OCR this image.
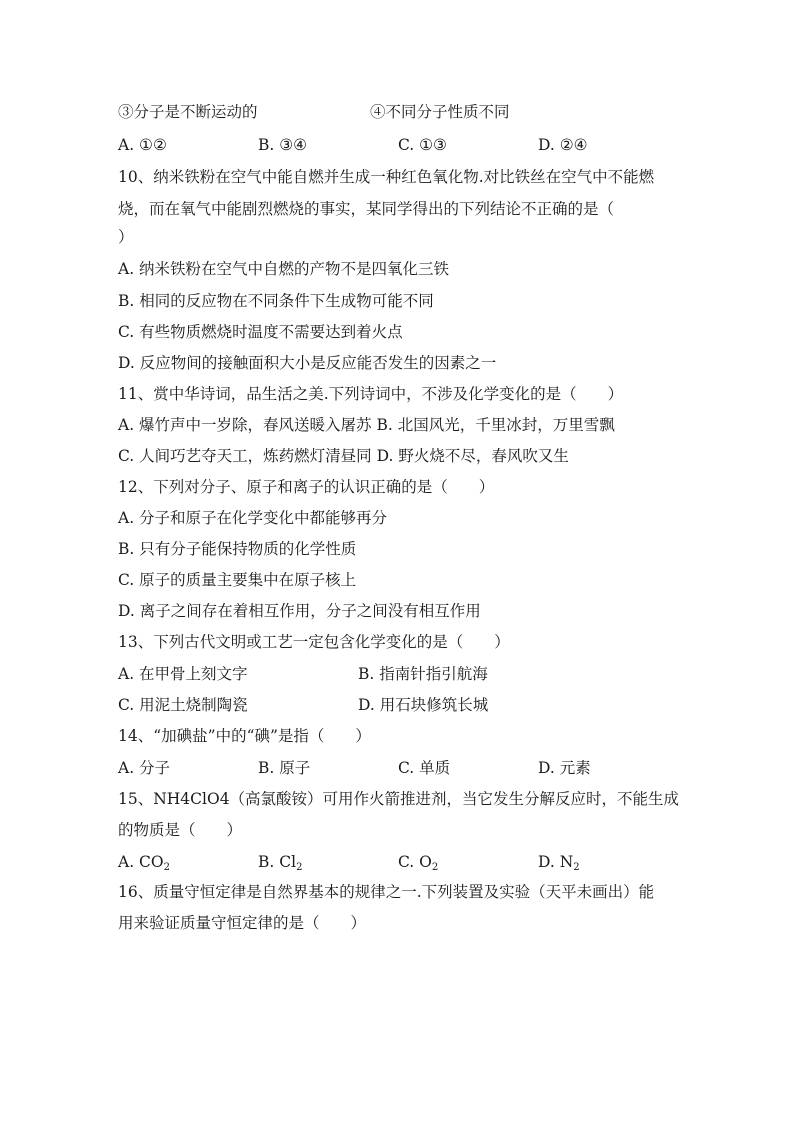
③分子是不断运动的	④不同分子性质不同
A. ①②	B. ③④	C. ①③	D. ②④
10、纳米铁粉在空气中能自燃并生成一种红色氧化物.对比铁丝在空气中不能燃
烧，而在氧气中能剧烈燃烧的事实，某同学得出的下列结论不正确的是（
）
A. 纳米铁粉在空气中自燃的产物不是四氧化三铁
B. 相同的反应物在不同条件下生成物可能不同
C. 有些物质燃烧时温度不需要达到着火点
D. 反应物间的接触面积大小是反应能否发生的因素之一
11、赏中华诗词，品生活之美.下列诗词中，不涉及化学变化的是（　　）
A. 爆竹声中一岁除，春风送暖入屠苏 B. 北国风光，千里冰封，万里雪飘
C. 人间巧艺夺天工，炼药燃灯清昼同 D. 野火烧不尽，春风吹又生
12、下列对分子、原子和离子的认识正确的是（　　）
A. 分子和原子在化学变化中都能够再分
B. 只有分子能保持物质的化学性质
C. 原子的质量主要集中在原子核上
D. 离子之间存在着相互作用，分子之间没有相互作用
13、下列古代文明或工艺一定包含化学变化的是（　　）
A. 在甲骨上刻文字	B. 指南针指引航海
C. 用泥土烧制陶瓷	D. 用石块修筑长城
14、“加碘盐”中的“碘”是指（　　）
A. 分子	B. 原子	C. 单质	D. 元素
15、NH4ClO4（高氯酸铵）可用作火箭推进剂，当它发生分解反应时，不能生成
的物质是（　　）
A. $CO_2$	B. $Cl_2$	C. $O_2$	D. $N_2$
16、质量守恒定律是自然界基本的规律之一.下列装置及实验（天平未画出）能
用来验证质量守恒定律的是（　　）
